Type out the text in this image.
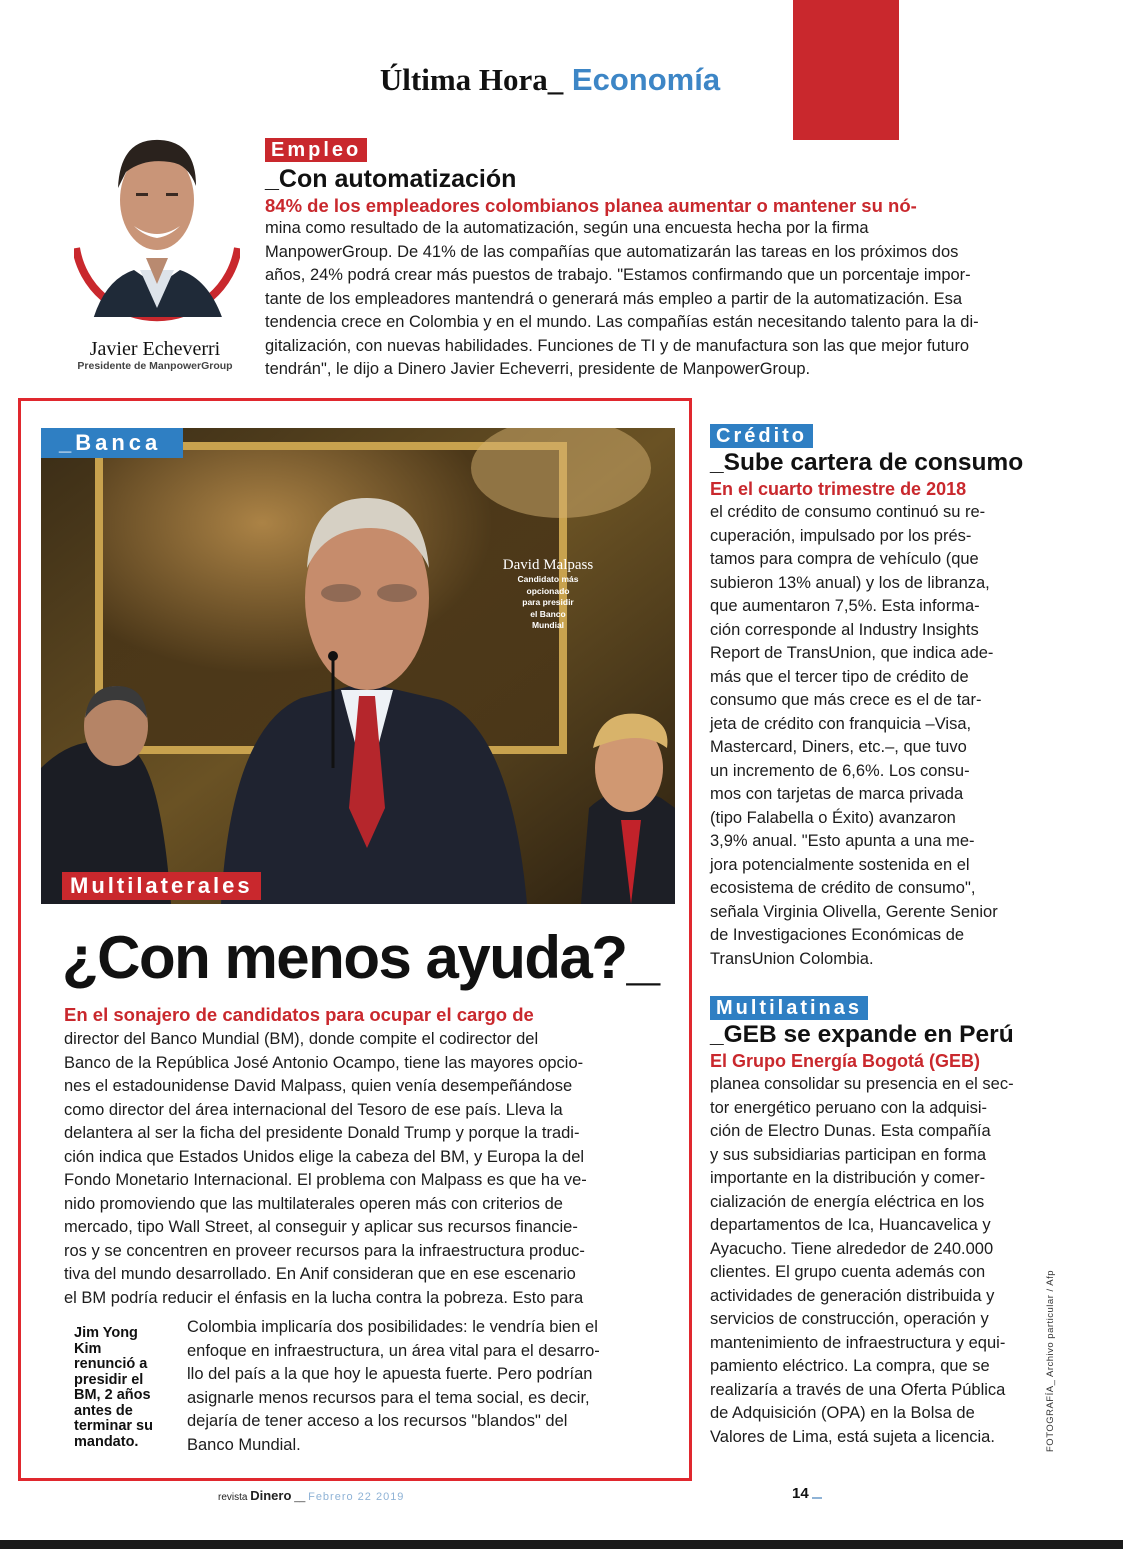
Última Hora_ Economía
Javier Echeverri
Presidente de ManpowerGroup
Empleo
_Con automatización
84% de los empleadores colombianos planea aumentar o mantener su nó-
mina como resultado de la automatización, según una encuesta hecha por la firma
ManpowerGroup. De 41% de las compañías que automatizarán las tareas en los próximos dos
años, 24% podrá crear más puestos de trabajo. "Estamos confirmando que un porcentaje impor-
tante de los empleadores mantendrá o generará más empleo a partir de la automatización. Esa
tendencia crece en Colombia y en el mundo. Las compañías están necesitando talento para la di-
gitalización, con nuevas habilidades. Funciones de TI y de manufactura son las que mejor futuro
tendrán", le dijo a Dinero Javier Echeverri, presidente de ManpowerGroup.
_Banca
David Malpass
Candidato más
opcionado
para presidir
el Banco
Mundial
Multilaterales
¿Con menos ayuda?_
En el sonajero de candidatos para ocupar el cargo de
director del Banco Mundial (BM), donde compite el codirector del
Banco de la República José Antonio Ocampo, tiene las mayores opcio-
nes el estadounidense David Malpass, quien venía desempeñándose
como director del área internacional del Tesoro de ese país. Lleva la
delantera al ser la ficha del presidente Donald Trump y porque la tradi-
ción indica que Estados Unidos elige la cabeza del BM, y Europa la del
Fondo Monetario Internacional. El problema con Malpass es que ha ve-
nido promoviendo que las multilaterales operen más con criterios de
mercado, tipo Wall Street, al conseguir y aplicar sus recursos financie-
ros y se concentren en proveer recursos para la infraestructura produc-
tiva del mundo desarrollado. En Anif consideran que en ese escenario
el BM podría reducir el énfasis en la lucha contra la pobreza. Esto para
Jim Yong
Kim
renunció a
presidir el
BM, 2 años
antes de
terminar su
mandato.
Colombia implicaría dos posibilidades: le vendría bien el
enfoque en infraestructura, un área vital para el desarro-
llo del país a la que hoy le apuesta fuerte. Pero podrían
asignarle menos recursos para el tema social, es decir,
dejaría de tener acceso a los recursos "blandos" del
Banco Mundial.
Crédito
_Sube cartera de consumo
En el cuarto trimestre de 2018
el crédito de consumo continuó su re-
cuperación, impulsado por los prés-
tamos para compra de vehículo (que
subieron 13% anual) y los de libranza,
que aumentaron 7,5%. Esta informa-
ción corresponde al Industry Insights
Report de TransUnion, que indica ade-
más que el tercer tipo de crédito de
consumo que más crece es el de tar-
jeta de crédito con franquicia –Visa,
Mastercard, Diners, etc.–, que tuvo
un incremento de 6,6%. Los consu-
mos con tarjetas de marca privada
(tipo Falabella o Éxito) avanzaron
3,9% anual. "Esto apunta a una me-
jora potencialmente sostenida en el
ecosistema de crédito de consumo",
señala Virginia Olivella, Gerente Senior
de Investigaciones Económicas de
TransUnion Colombia.
Multilatinas
_GEB se expande en Perú
El Grupo Energía Bogotá (GEB)
planea consolidar su presencia en el sec-
tor energético peruano con la adquisi-
ción de Electro Dunas. Esta compañía
y sus subsidiarias participan en forma
importante en la distribución y comer-
cialización de energía eléctrica en los
departamentos de Ica, Huancavelica y
Ayacucho. Tiene alrededor de 240.000
clientes. El grupo cuenta además con
actividades de generación distribuida y
servicios de construcción, operación y
mantenimiento de infraestructura y equi-
pamiento eléctrico. La compra, que se
realizaría a través de una Oferta Pública
de Adquisición (OPA) en la Bolsa de
Valores de Lima, está sujeta a licencia.	FOTOGRAFÍA_ Archivo particular / Afp
revista Dinero __ Febrero 22 2019	14
